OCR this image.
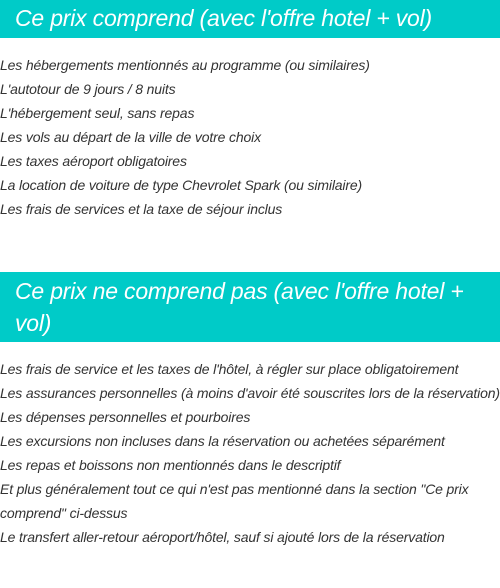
Ce prix comprend (avec l'offre hotel + vol)
Les hébergements mentionnés au programme (ou similaires)
L'autotour de 9 jours / 8 nuits
L'hébergement seul, sans repas
Les vols au départ de la ville de votre choix
Les taxes aéroport obligatoires
La location de voiture de type Chevrolet Spark (ou similaire)
Les frais de services et la taxe de séjour inclus
Ce prix ne comprend pas (avec l'offre hotel + vol)
Les frais de service et les taxes de l'hôtel, à régler sur place obligatoirement
Les assurances personnelles (à moins d'avoir été souscrites lors de la réservation)
Les dépenses personnelles et pourboires
Les excursions non incluses dans la réservation ou achetées séparément
Les repas et boissons non mentionnés dans le descriptif
Et plus généralement tout ce qui n'est pas mentionné dans la section "Ce prix comprend" ci-dessus
Le transfert aller-retour aéroport/hôtel, sauf si ajouté lors de la réservation
